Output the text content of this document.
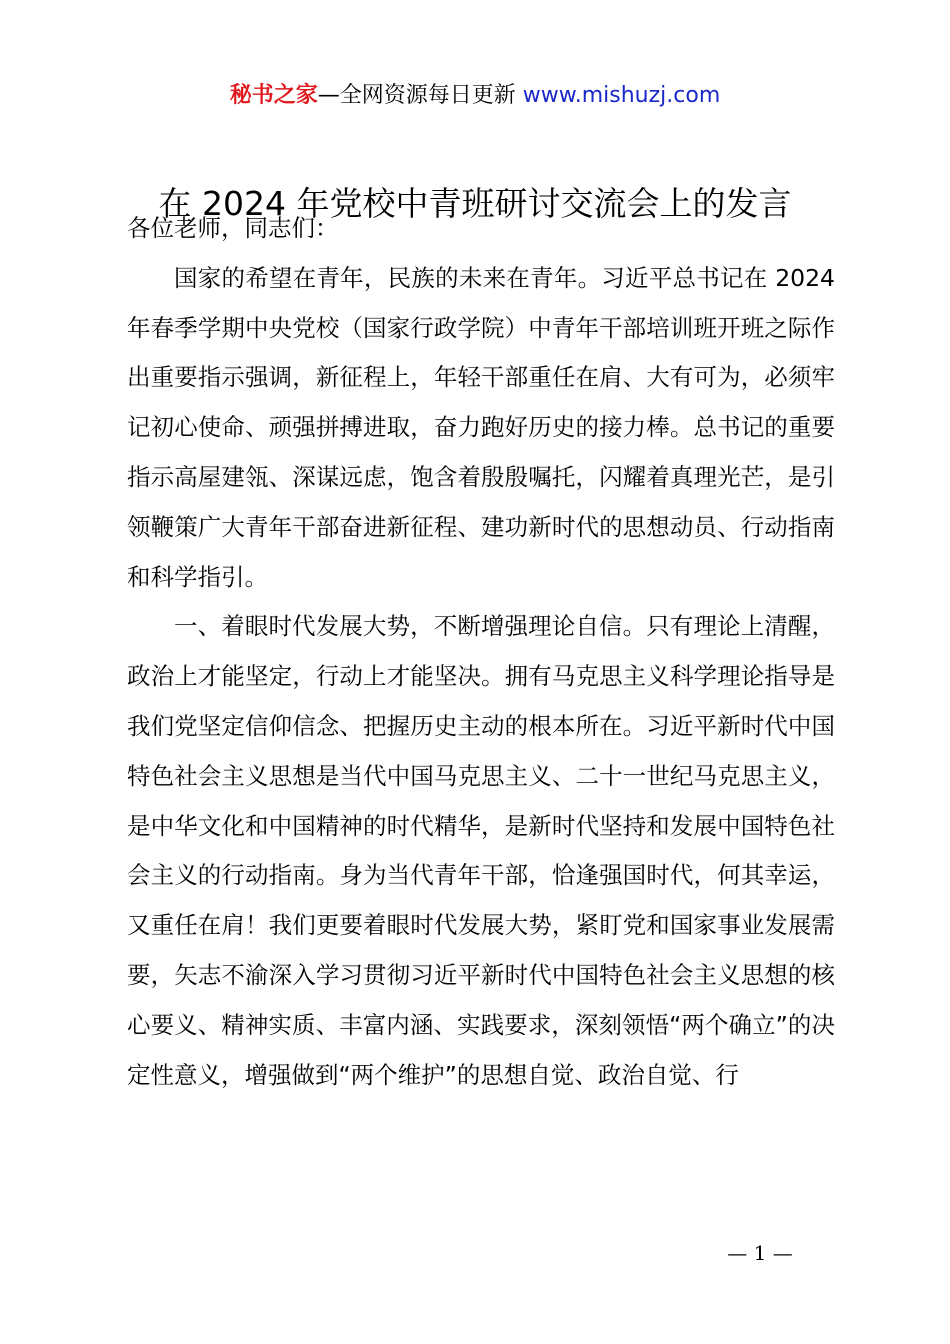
秘书之家—全网资源每日更新 www.mishuzj.com
在 2024 年党校中青班研讨交流会上的发言

各位老师，同志们：

国家的希望在青年，民族的未来在青年。习近平总书记在 2024 年春季学期中央党校（国家行政学院）中青年干部培训班开班之际作出重要指示强调，新征程上，年轻干部重任在肩、大有可为，必须牢记初心使命、顽强拼搏进取，奋力跑好历史的接力棒。总书记的重要指示高屋建瓴、深谋远虑，饱含着殷殷嘱托，闪耀着真理光芒，是引领鞭策广大青年干部奋进新征程、建功新时代的思想动员、行动指南和科学指引。

一、着眼时代发展大势，不断增强理论自信。只有理论上清醒，政治上才能坚定，行动上才能坚决。拥有马克思主义科学理论指导是我们党坚定信仰信念、把握历史主动的根本所在。习近平新时代中国特色社会主义思想是当代中国马克思主义、二十一世纪马克思主义，是中华文化和中国精神的时代精华，是新时代坚持和发展中国特色社会主义的行动指南。身为当代青年干部，恰逢强国时代，何其幸运，又重任在肩！我们更要着眼时代发展大势，紧盯党和国家事业发展需要，矢志不渝深入学习贯彻习近平新时代中国特色社会主义思想的核心要义、精神实质、丰富内涵、实践要求，深刻领悟“两个确立”的决定性意义，增强做到“两个维护”的思想自觉、政治自觉、行

— 1 —
